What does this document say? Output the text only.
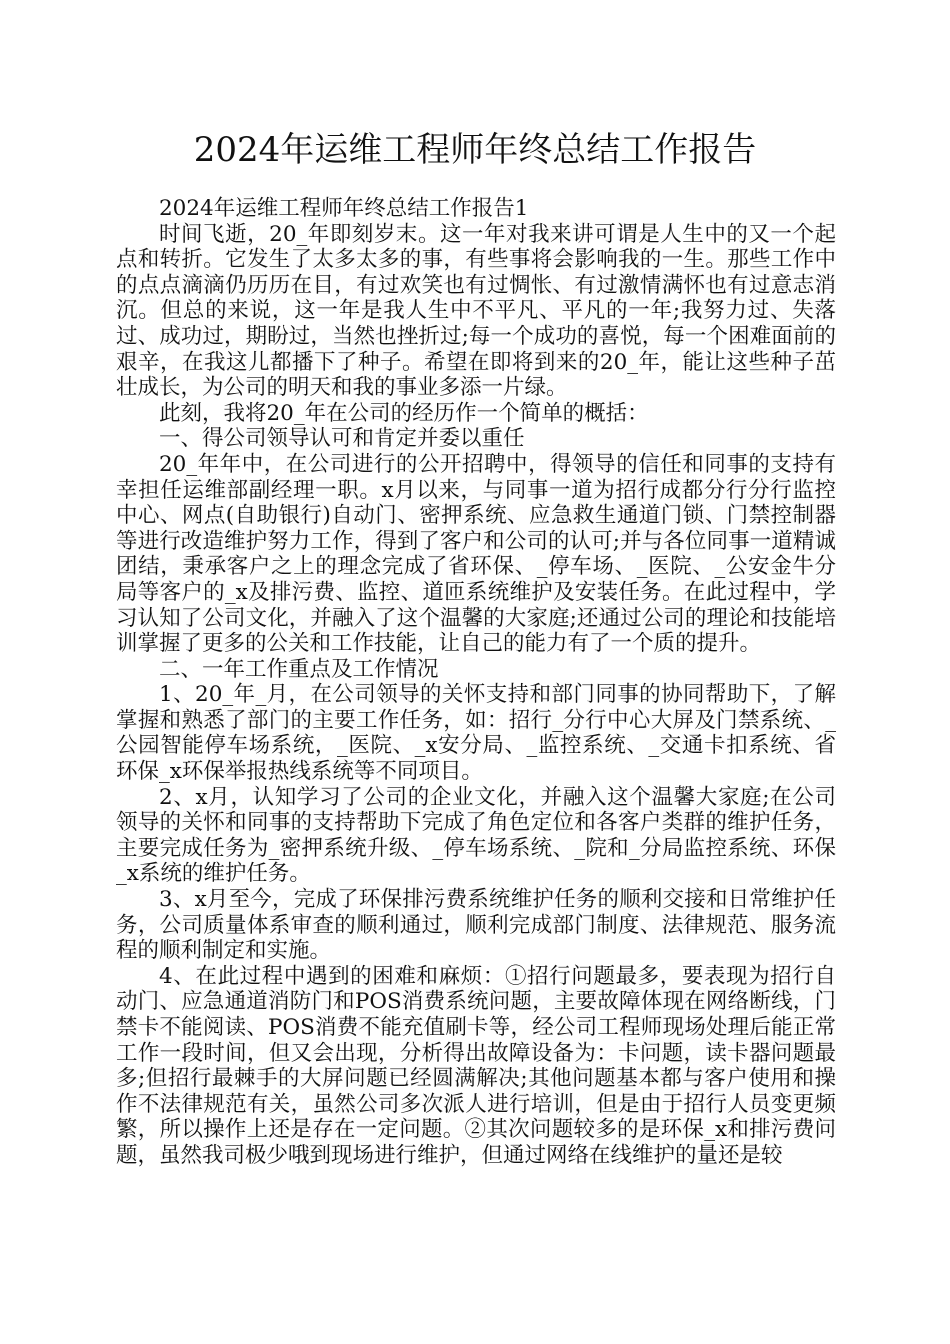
2024年运维工程师年终总结工作报告

2024年运维工程师年终总结工作报告1

时间飞逝，20_年即刻岁末。这一年对我来讲可谓是人生中的又一个起点和转折。它发生了太多太多的事，有些事将会影响我的一生。那些工作中的点点滴滴仍历历在目，有过欢笑也有过惆怅、有过激情满怀也有过意志消沉。但总的来说，这一年是我人生中不平凡、平凡的一年;我努力过、失落过、成功过，期盼过，当然也挫折过;每一个成功的喜悦，每一个困难面前的艰辛，在我这儿都播下了种子。希望在即将到来的20_年，能让这些种子茁壮成长，为公司的明天和我的事业多添一片绿。

此刻，我将20_年在公司的经历作一个简单的概括：

一、得公司领导认可和肯定并委以重任

20_年年中，在公司进行的公开招聘中，得领导的信任和同事的支持有幸担任运维部副经理一职。x月以来，与同事一道为招行成都分行分行监控中心、网点(自助银行)自动门、密押系统、应急救生通道门锁、门禁控制器等进行改造维护努力工作，得到了客户和公司的认可;并与各位同事一道精诚团结，秉承客户之上的理念完成了省环保、_停车场、_医院、_公安金牛分局等客户的_x及排污费、监控、道匝系统维护及安装任务。在此过程中，学习认知了公司文化，并融入了这个温馨的大家庭;还通过公司的理论和技能培训掌握了更多的公关和工作技能，让自己的能力有了一个质的提升。

二、一年工作重点及工作情况

1、20_年_月，在公司领导的关怀支持和部门同事的协同帮助下，了解掌握和熟悉了部门的主要工作任务，如：招行_分行中心大屏及门禁系统、_公园智能停车场系统，_医院、_x安分局、_监控系统、_交通卡扣系统、省环保_x环保举报热线系统等不同项目。

2、x月，认知学习了公司的企业文化，并融入这个温馨大家庭;在公司领导的关怀和同事的支持帮助下完成了角色定位和各客户类群的维护任务，主要完成任务为_密押系统升级、_停车场系统、_院和_分局监控系统、环保_x系统的维护任务。

3、x月至今，完成了环保排污费系统维护任务的顺利交接和日常维护任务，公司质量体系审查的顺利通过，顺利完成部门制度、法律规范、服务流程的顺利制定和实施。

4、在此过程中遇到的困难和麻烦：①招行问题最多，要表现为招行自动门、应急通道消防门和POS消费系统问题，主要故障体现在网络断线，门禁卡不能阅读、POS消费不能充值刷卡等，经公司工程师现场处理后能正常工作一段时间，但又会出现，分析得出故障设备为：卡问题，读卡器问题最多;但招行最棘手的大屏问题已经圆满解决;其他问题基本都与客户使用和操作不法律规范有关，虽然公司多次派人进行培训，但是由于招行人员变更频繁，所以操作上还是存在一定问题。②其次问题较多的是环保_x和排污费问题，虽然我司极少哦到现场进行维护，但通过网络在线维护的量还是较
